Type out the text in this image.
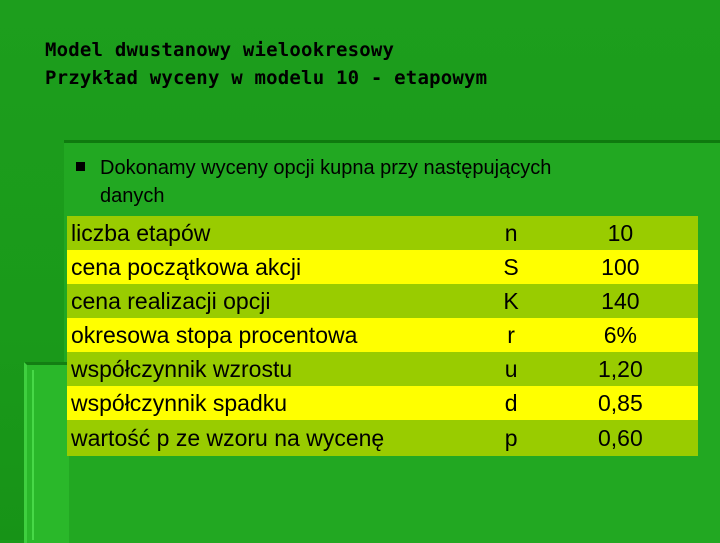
Model dwustanowy wielookresowy
Przykład wyceny w modelu 10 - etapowym
Dokonamy wyceny opcji kupna przy następujących
danych
liczba etapów	n	10
cena początkowa akcji	S	100
cena realizacji opcji	K	140
okresowa stopa procentowa	r	6%
współczynnik wzrostu	u	1,20
współczynnik spadku	d	0,85
wartość p ze wzoru na wycenę	p	0,60
